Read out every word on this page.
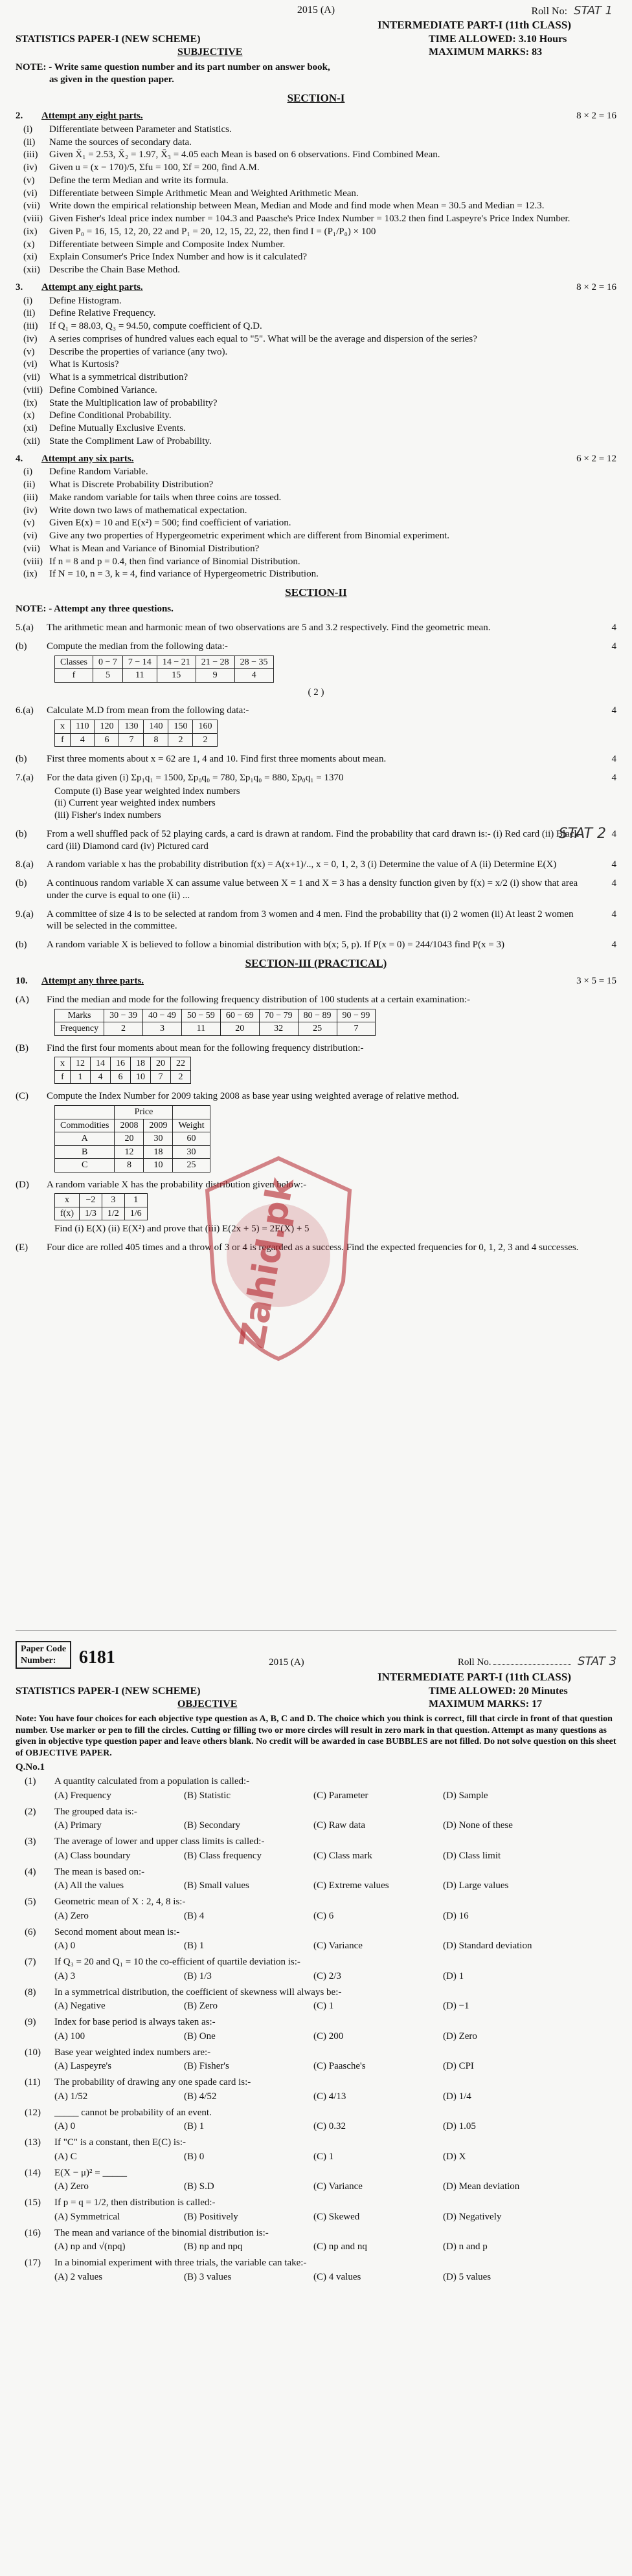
2015 (A)	Roll No: STAT 1
INTERMEDIATE PART-I (11th CLASS)
STATISTICS PAPER-I (NEW SCHEME)	TIME ALLOWED: 3.10 Hours
SUBJECTIVE	MAXIMUM MARKS: 83
NOTE: - Write same question number and its part number on answer book,
as given in the question paper.
SECTION-I
2.	Attempt any eight parts.	8 × 2 = 16
(i)	Differentiate between Parameter and Statistics.
(ii)	Name the sources of secondary data.
(iii)	Given X̄₁ = 2.53, X̄₂ = 1.97, X̄₃ = 4.05 each Mean is based on 6 observations. Find Combined Mean.
(iv)	Given u = (x − 170)/5, Σfu = 100, Σf = 200, find A.M.
(v)	Define the term Median and write its formula.
(vi)	Differentiate between Simple Arithmetic Mean and Weighted Arithmetic Mean.
(vii) Write down the empirical relationship between Mean, Median and Mode and find mode when Mean = 30.5 and Median = 12.3.
(viii) Given Fisher's Ideal price index number = 104.3 and Paasche's Price Index Number = 103.2 then find Laspeyre's Price Index Number.
(ix)	Given P₀ = 16, 15, 12, 20, 22 and P₁ = 20, 12, 15, 22, 22, then find I = (P₁/P₀) × 100
(x)	Differentiate between Simple and Composite Index Number.
(xi)	Explain Consumer's Price Index Number and how is it calculated?
(xii) Describe the Chain Base Method.
3.	Attempt any eight parts.	8 × 2 = 16
(i)	Define Histogram.
(ii)	Define Relative Frequency.
(iii)	If Q₁ = 88.03, Q₃ = 94.50, compute coefficient of Q.D.
(iv)	A series comprises of hundred values each equal to "5". What will be the average and dispersion of the series?
(v)	Describe the properties of variance (any two).
(vi)	What is Kurtosis?
(vii) What is a symmetrical distribution?
(viii) Define Combined Variance.
(ix)	State the Multiplication law of probability?
(x)	Define Conditional Probability.
(xi)	Define Mutually Exclusive Events.
(xii) State the Compliment Law of Probability.
4.	Attempt any six parts.	6 × 2 = 12
(i)	Define Random Variable.
(ii)	What is Discrete Probability Distribution?
(iii)	Make random variable for tails when three coins are tossed.
(iv)	Write down two laws of mathematical expectation.
(v)	Given E(x) = 10 and E(x²) = 500; find coefficient of variation.
(vi)	Give any two properties of Hypergeometric experiment which are different from Binomial experiment.
(vii) What is Mean and Variance of Binomial Distribution?
(viii) If n = 8 and p = 0.4, then find variance of Binomial Distribution.
(ix)	If N = 10, n = 3, k = 4, find variance of Hypergeometric Distribution.
SECTION-II
NOTE: - Attempt any three questions.
5.(a)	The arithmetic mean and harmonic mean of two observations are 5 and 3.2 respectively. Find the geometric mean.	4
(b)	Compute the median from the following data:-	4
Classes	0 − 7	7 − 14	14 − 21	21 − 28	28 − 35
f	5	11	15	9	4
( 2 )
STAT 2
6.(a)	Calculate M.D from mean from the following data:-	4
x	110	120	130	140	150	160
f	4	6	7	8	2	2
(b)	First three moments about x = 62 are 1, 4 and 10. Find first three moments about mean.	4
7.(a)	For the data given (i) Σp₁q₁ = 1500, Σp₀q₀ = 780, Σp₁q₀ = 880, Σp₀q₁ = 1370	4
Compute (i) Base year weighted index numbers
(ii) Current year weighted index numbers
(iii) Fisher's index numbers
(b)	From a well shuffled pack of 52 playing cards, a card is drawn at random. Find the probability that card drawn is:- (i) Red card (ii) Black card (iii) Diamond card (iv) Pictured card
4
8.(a)	A random variable x has the probability distribution f(x) = A(x+1)/.., x = 0, 1, 2, 3 (i) Determine the value of A (ii) Determine E(X)	4
(b)	A continuous random variable X can assume value between X = 1 and X = 3 has a density function given by f(x) = x/2 (i) show that area under the curve is equal to one (ii) ...
4
9.(a)	A committee of size 4 is to be selected at random from 3 women and 4 men. Find the probability that (i) 2 women (ii) At least 2 women will be selected in the committee.
4
(b)	A random variable X is believed to follow a binomial distribution with b(x; 5, p). If P(x = 0) = 244/1043 find P(x = 3)	4
SECTION-III (PRACTICAL)
10.	Attempt any three parts.	3 × 5 = 15
(A)	Find the median and mode for the following frequency distribution of 100 students at a certain examination:-
Marks	30 − 39	40 − 49	50 − 59	60 − 69	70 − 79	80 − 89	90 − 99
Frequency	2	3	11	20	32	25	7
(B)	Find the first four moments about mean for the following frequency distribution:-
x	12	14	16	18	20	22
f	1	4	6	10	7	2
(C)	Compute the Index Number for 2009 taking 2008 as base year using weighted average of relative method.
	Price		
Commodities	2008	2009	Weight
A	20	30	60
B	12	18	30
C	8	10	25
(D)	A random variable X has the probability distribution given below:-
x	−2	3	1
f(x)	1/3	1/2	1/6
Find (i) E(X) (ii) E(X²) and prove that (iii) E(2x + 5) = 2E(X) + 5
(E)	Four dice are rolled 405 times and a throw of 3 or 4 is regarded as a success. Find the expected frequencies for 0, 1, 2, 3 and 4 successes.
Zahid.pk
Paper Code
Number:	6181	2015 (A)	Roll No.	STAT 3
INTERMEDIATE PART-I (11th CLASS)
STATISTICS PAPER-I (NEW SCHEME)	TIME ALLOWED: 20 Minutes
OBJECTIVE	MAXIMUM MARKS: 17
Note: You have four choices for each objective type question as A, B, C and D. The choice which you think is correct, fill that circle in front of that question number. Use marker or pen to fill the circles. Cutting or filling two or more circles will result in zero mark in that question. Attempt as many questions as given in objective type question paper and leave others blank. No credit will be awarded in case BUBBLES are not filled. Do not solve question on this sheet of OBJECTIVE PAPER.
Q.No.1
(1)	A quantity calculated from a population is called:-
(A) Frequency	(B) Statistic	(C) Parameter	(D) Sample
(2)	The grouped data is:-
(A) Primary	(B) Secondary	(C) Raw data	(D) None of these
(3)	The average of lower and upper class limits is called:-
(A) Class boundary	(B) Class frequency	(C) Class mark	(D) Class limit
(4)	The mean is based on:-
(A) All the values	(B) Small values	(C) Extreme values	(D) Large values
(5)	Geometric mean of X : 2, 4, 8 is:-
(A) Zero	(B) 4	(C) 6	(D) 16
(6)	Second moment about mean is:-
(A) 0	(B) 1	(C) Variance	(D) Standard deviation
(7)	If Q₃ = 20 and Q₁ = 10 the co-efficient of quartile deviation is:-
(A) 3	(B) 1/3	(C) 2/3	(D) 1
(8)	In a symmetrical distribution, the coefficient of skewness will always be:-
(A) Negative	(B) Zero	(C) 1	(D) −1
(9)	Index for base period is always taken as:-
(A) 100	(B) One	(C) 200	(D) Zero
(10)	Base year weighted index numbers are:-
(A) Laspeyre's	(B) Fisher's	(C) Paasche's	(D) CPI
(11)	The probability of drawing any one spade card is:-
(A) 1/52	(B) 4/52	(C) 4/13	(D) 1/4
(12)	_____ cannot be probability of an event.
(A) 0	(B) 1	(C) 0.32	(D) 1.05
(13)	If "C" is a constant, then E(C) is:-
(A) C	(B) 0	(C) 1	(D) X
(14)	E(X − μ)² = _____
(A) Zero	(B) S.D	(C) Variance	(D) Mean deviation
(15)	If p = q = 1/2, then distribution is called:-
(A) Symmetrical	(B) Positively	(C) Skewed	(D) Negatively
(16)	The mean and variance of the binomial distribution is:-
(A) np and √(npq)	(B) np and npq	(C) np and nq	(D) n and p
(17)	In a binomial experiment with three trials, the variable can take:-
(A) 2 values	(B) 3 values	(C) 4 values	(D) 5 values
